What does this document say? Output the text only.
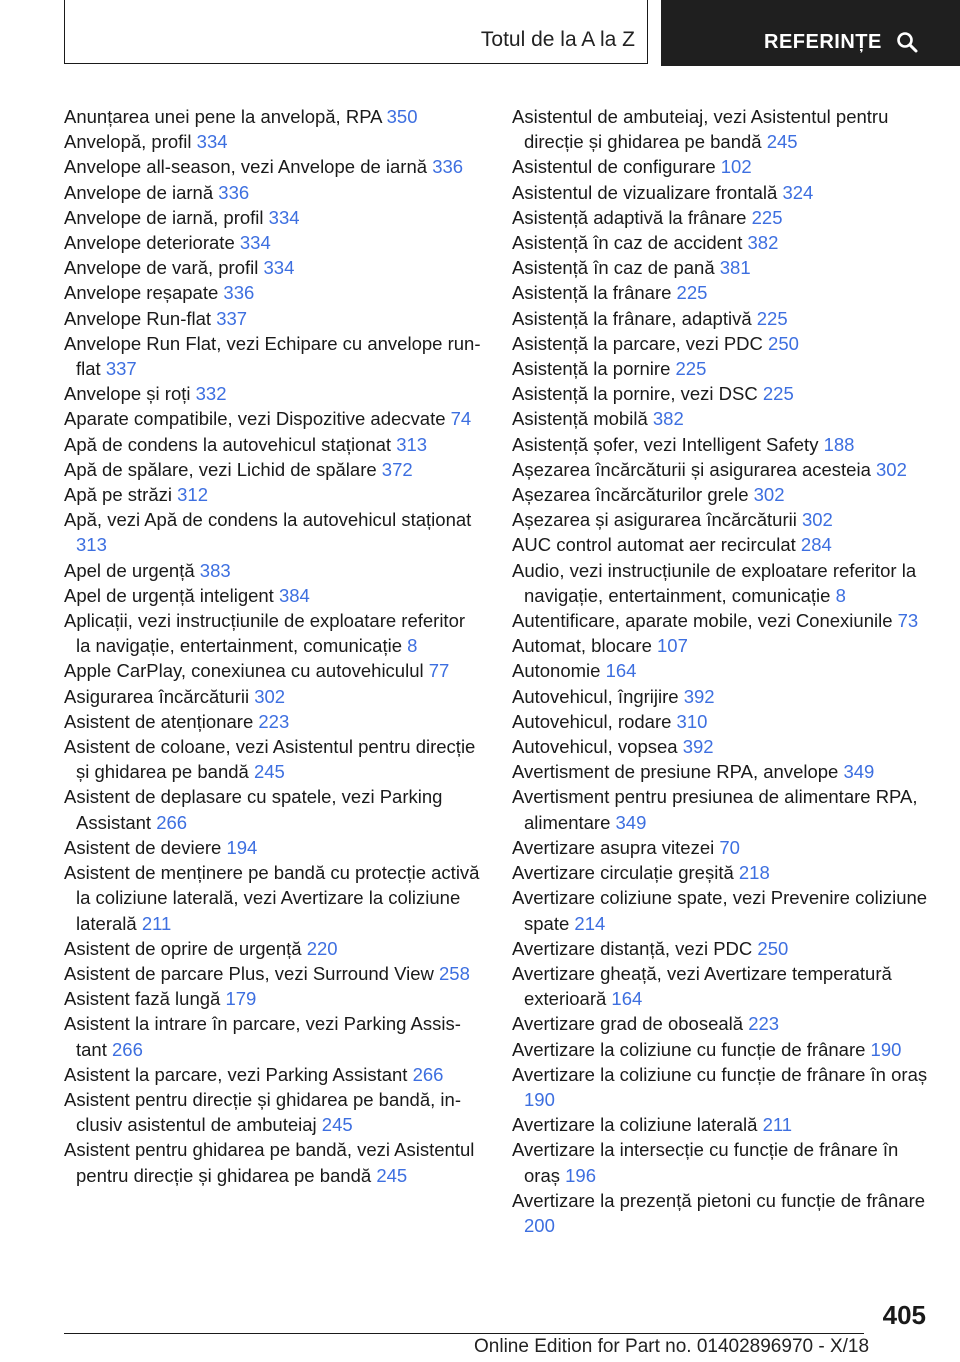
Totul de la A la Z	REFERINȚE
Anunțarea unei pene la anvelopă, RPA 350
Anvelopă, profil 334
Anvelope all-season, vezi Anvelope de iarnă 336
Anvelope de iarnă 336
Anvelope de iarnă, profil 334
Anvelope deteriorate 334
Anvelope de vară, profil 334
Anvelope reșapate 336
Anvelope Run-flat 337
Anvelope Run Flat, vezi Echipare cu anvelope run-flat 337
Anvelope și roți 332
Aparate compatibile, vezi Dispozitive adecvate 74
Apă de condens la autovehicul staționat 313
Apă de spălare, vezi Lichid de spălare 372
Apă pe străzi 312
Apă, vezi Apă de condens la autovehicul staționat 313
Apel de urgență 383
Apel de urgență inteligent 384
Aplicații, vezi instrucțiunile de exploatare referitor la navigație, entertainment, comunicație 8
Apple CarPlay, conexiunea cu autovehiculul 77
Asigurarea încărcăturii 302
Asistent de atenționare 223
Asistent de coloane, vezi Asistentul pentru direcție și ghidarea pe bandă 245
Asistent de deplasare cu spatele, vezi Parking Assistant 266
Asistent de deviere 194
Asistent de menținere pe bandă cu protecție activă la coliziune laterală, vezi Avertizare la coliziune laterală 211
Asistent de oprire de urgență 220
Asistent de parcare Plus, vezi Surround View 258
Asistent fază lungă 179
Asistent la intrare în parcare, vezi Parking Assistant 266
Asistent la parcare, vezi Parking Assistant 266
Asistent pentru direcție și ghidarea pe bandă, inclusiv asistentul de ambuteiaj 245
Asistent pentru ghidarea pe bandă, vezi Asistentul pentru direcție și ghidarea pe bandă 245
Asistentul de ambuteiaj, vezi Asistentul pentru direcție și ghidarea pe bandă 245
Asistentul de configurare 102
Asistentul de vizualizare frontală 324
Asistență adaptivă la frânare 225
Asistență în caz de accident 382
Asistență în caz de pană 381
Asistență la frânare 225
Asistență la frânare, adaptivă 225
Asistență la parcare, vezi PDC 250
Asistență la pornire 225
Asistență la pornire, vezi DSC 225
Asistență mobilă 382
Asistență șofer, vezi Intelligent Safety 188
Așezarea încărcăturii și asigurarea acesteia 302
Așezarea încărcăturilor grele 302
Așezarea și asigurarea încărcăturii 302
AUC control automat aer recirculat 284
Audio, vezi instrucțiunile de exploatare referitor la navigație, entertainment, comunicație 8
Autentificare, aparate mobile, vezi Conexiunile 73
Automat, blocare 107
Autonomie 164
Autovehicul, îngrijire 392
Autovehicul, rodare 310
Autovehicul, vopsea 392
Avertisment de presiune RPA, anvelope 349
Avertisment pentru presiunea de alimentare RPA, alimentare 349
Avertizare asupra vitezei 70
Avertizare circulație greșită 218
Avertizare coliziune spate, vezi Prevenire coliziune spate 214
Avertizare distanță, vezi PDC 250
Avertizare gheață, vezi Avertizare temperatură exterioară 164
Avertizare grad de oboseală 223
Avertizare la coliziune cu funcție de frânare 190
Avertizare la coliziune cu funcție de frânare în oraș 190
Avertizare la coliziune laterală 211
Avertizare la intersecție cu funcție de frânare în oraș 196
Avertizare la prezență pietoni cu funcție de frânare 200
405
Online Edition for Part no. 01402896970 - X/18
